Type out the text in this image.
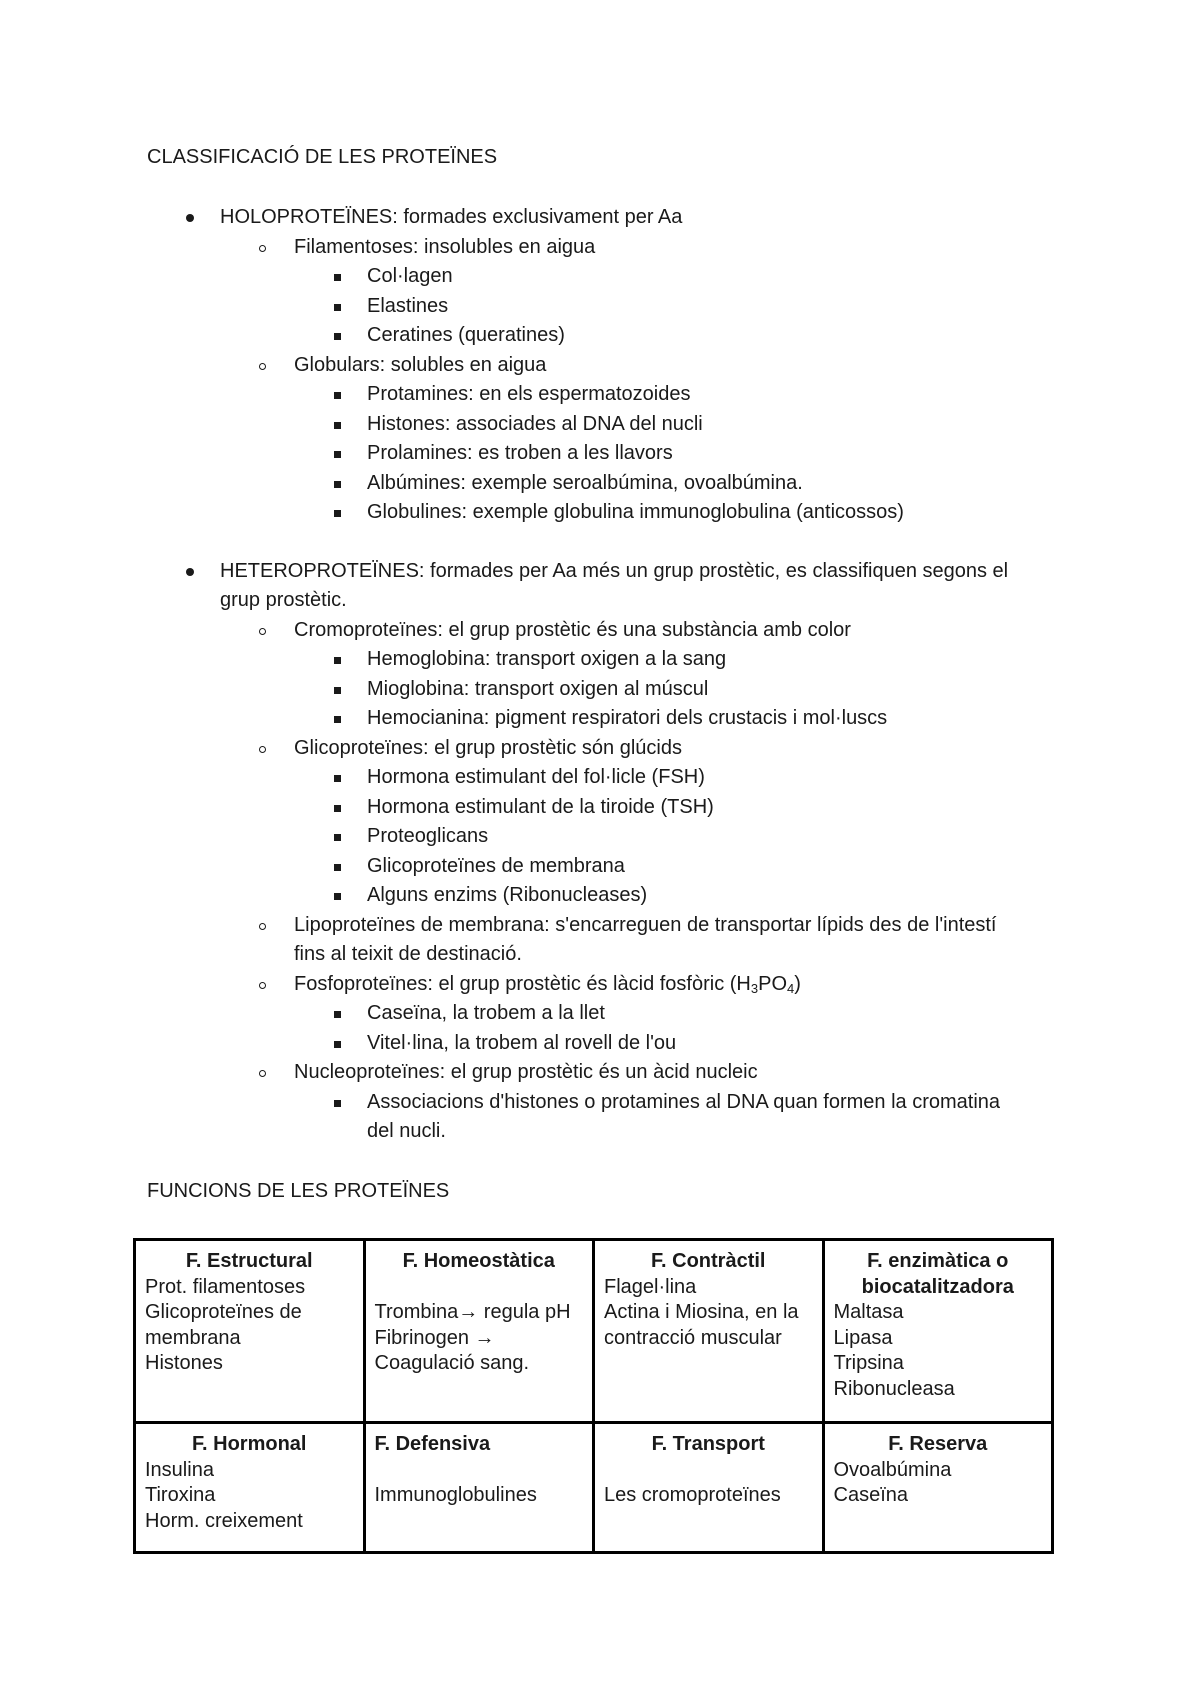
CLASSIFICACIÓ DE LES PROTEÏNES
HOLOPROTEÏNES: formades exclusivament per Aa
Filamentoses: insolubles en aigua
Col·lagen
Elastines
Ceratines (queratines)
Globulars: solubles en aigua
Protamines: en els espermatozoides
Histones: associades al DNA del nucli
Prolamines: es troben a les llavors
Albúmines: exemple seroalbúmina, ovoalbúmina.
Globulines: exemple globulina immunoglobulina (anticossos)
HETEROPROTEÏNES: formades per Aa més un grup prostètic, es classifiquen segons el grup prostètic.
Cromoproteïnes: el grup prostètic és una substància amb color
Hemoglobina: transport oxigen a la sang
Mioglobina: transport oxigen al múscul
Hemocianina: pigment respiratori dels crustacis i mol·luscs
Glicoproteïnes: el grup prostètic són glúcids
Hormona estimulant del fol·licle (FSH)
Hormona estimulant de la tiroide (TSH)
Proteoglicans
Glicoproteïnes de membrana
Alguns enzims (Ribonucleases)
Lipoproteïnes de membrana: s'encarreguen de transportar lípids des de l'intestí fins al teixit de destinació.
Fosfoproteïnes: el grup prostètic és làcid fosfòric $(H_3PO_4)$
Caseïna, la trobem a la llet
Vitel·lina, la trobem al rovell de l'ou
Nucleoproteïnes: el grup prostètic és un àcid nucleic
Associacions d'histones o protamines al DNA quan formen la cromatina del nucli.
FUNCIONS DE LES PROTEÏNES
F. Estructural
Prot. filamentoses
Glicoproteïnes de membrana
Histones	F. Homeostàtica
Trombina→ regula pH
Fibrinogen → Coagulació sang.	F. Contràctil
Flagel·lina
Actina i Miosina, en la contracció muscular	F. enzimàtica o biocatalitzadora
Maltasa
Lipasa
Tripsina
Ribonucleasa

F. Hormonal
Insulina
Tiroxina
Horm. creixement	F. Defensiva
Immunoglobulines	F. Transport
Les cromoproteïnes	F. Reserva
Ovoalbúmina
Caseïna
